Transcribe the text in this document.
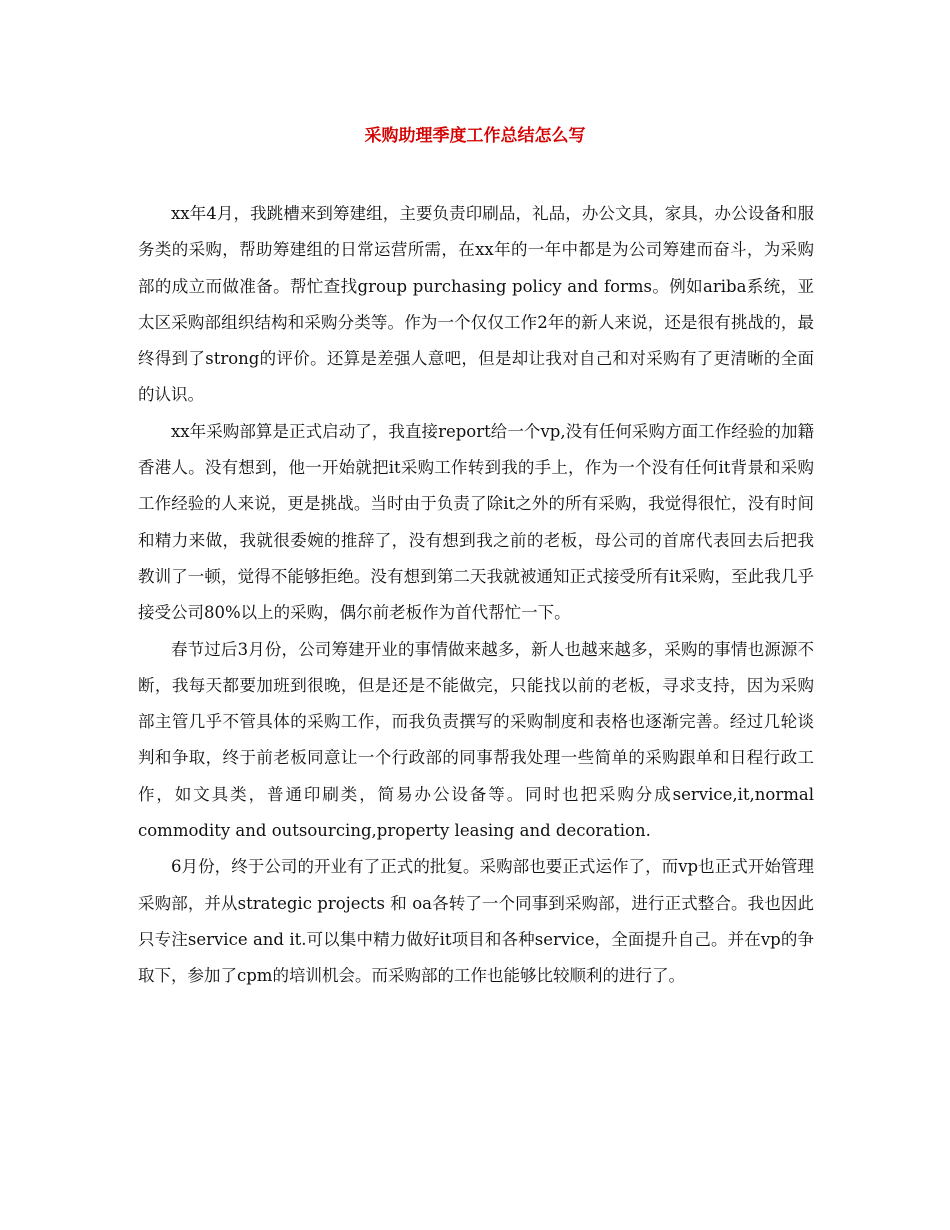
采购助理季度工作总结怎么写

xx年4月，我跳槽来到筹建组，主要负责印刷品，礼品，办公文具，家具，办公设备和服务类的采购，帮助筹建组的日常运营所需，在xx年的一年中都是为公司筹建而奋斗，为采购部的成立而做准备。帮忙查找group purchasing policy and forms。例如ariba系统，亚太区采购部组织结构和采购分类等。作为一个仅仅工作2年的新人来说，还是很有挑战的，最终得到了strong的评价。还算是差强人意吧，但是却让我对自己和对采购有了更清晰的全面的认识。

xx年采购部算是正式启动了，我直接report给一个vp,没有任何采购方面工作经验的加籍香港人。没有想到，他一开始就把it采购工作转到我的手上，作为一个没有任何it背景和采购工作经验的人来说，更是挑战。当时由于负责了除it之外的所有采购，我觉得很忙，没有时间和精力来做，我就很委婉的推辞了，没有想到我之前的老板，母公司的首席代表回去后把我教训了一顿，觉得不能够拒绝。没有想到第二天我就被通知正式接受所有it采购，至此我几乎接受公司80%以上的采购，偶尔前老板作为首代帮忙一下。

春节过后3月份，公司筹建开业的事情做来越多，新人也越来越多，采购的事情也源源不断，我每天都要加班到很晚，但是还是不能做完，只能找以前的老板，寻求支持，因为采购部主管几乎不管具体的采购工作，而我负责撰写的采购制度和表格也逐渐完善。经过几轮谈判和争取，终于前老板同意让一个行政部的同事帮我处理一些简单的采购跟单和日程行政工作，如文具类，普通印刷类，简易办公设备等。同时也把采购分成service,it,normal commodity and outsourcing,property leasing and decoration.

6月份，终于公司的开业有了正式的批复。采购部也要正式运作了，而vp也正式开始管理采购部，并从strategic projects 和 oa各转了一个同事到采购部，进行正式整合。我也因此只专注service and it.可以集中精力做好it项目和各种service，全面提升自己。并在vp的争取下，参加了cpm的培训机会。而采购部的工作也能够比较顺利的进行了。
